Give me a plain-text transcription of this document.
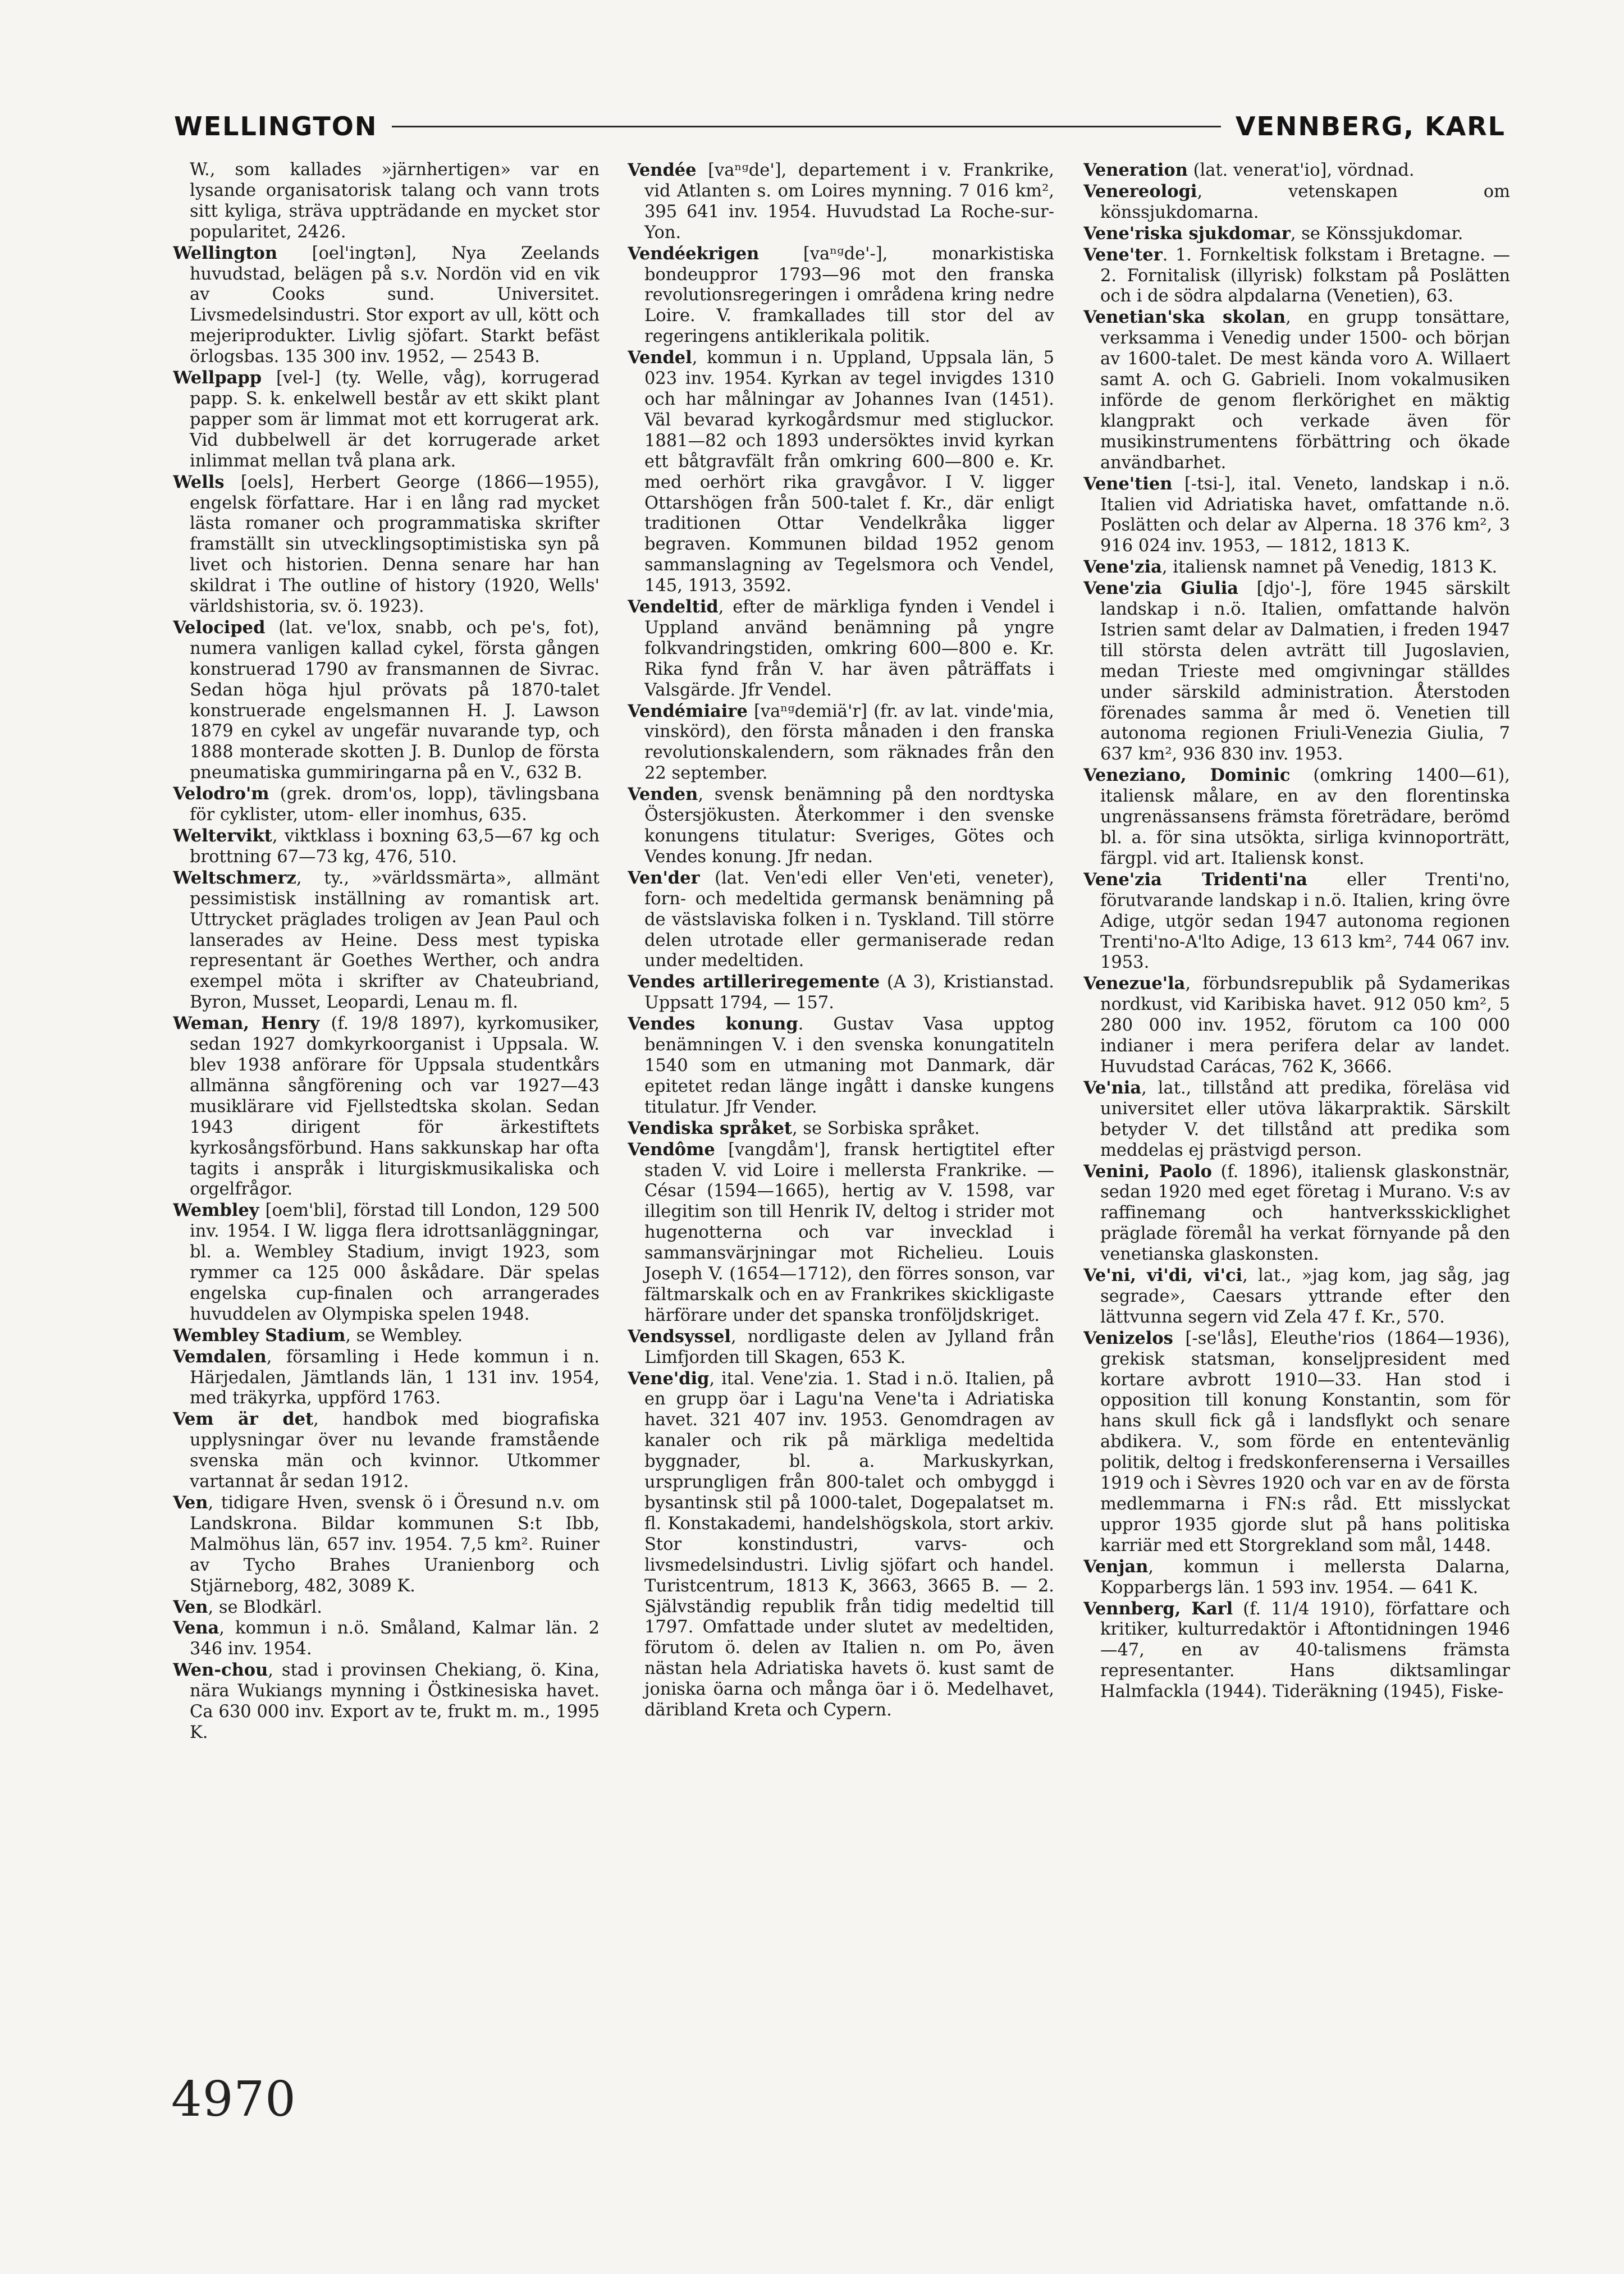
WELLINGTON	VENNBERG, KARL

W., som kallades »järnhertigen» var en lysande organisatorisk talang och vann trots sitt kyliga, sträva uppträdande en mycket stor popularitet, 2426.

Wellington [oel'ingtən], Nya Zeelands huvudstad, belägen på s.v. Nordön vid en vik av Cooks sund. Universitet. Livsmedelsindustri. Stor export av ull, kött och mejeriprodukter. Livlig sjöfart. Starkt befäst örlogsbas. 135 300 inv. 1952, — 2543 B.

Wellpapp [vel-] (ty. Welle, våg), korrugerad papp. S. k. enkelwell består av ett skikt plant papper som är limmat mot ett korrugerat ark. Vid dubbelwell är det korrugerade arket inlimmat mellan två plana ark.

Wells [oels], Herbert George (1866—1955), engelsk författare. Har i en lång rad mycket lästa romaner och programmatiska skrifter framställt sin utvecklingsoptimistiska syn på livet och historien. Denna senare har han skildrat i The outline of history (1920, Wells' världshistoria, sv. ö. 1923).

Velociped (lat. ve'lox, snabb, och pe's, fot), numera vanligen kallad cykel, första gången konstruerad 1790 av fransmannen de Sivrac. Sedan höga hjul prövats på 1870-talet konstruerade engelsmannen H. J. Lawson 1879 en cykel av ungefär nuvarande typ, och 1888 monterade skotten J. B. Dunlop de första pneumatiska gummiringarna på en V., 632 B.

Velodro'm (grek. drom'os, lopp), tävlingsbana för cyklister, utom- eller inomhus, 635.

Weltervikt, viktklass i boxning 63,5—67 kg och brottning 67—73 kg, 476, 510.

Weltschmerz, ty., »världssmärta», allmänt pessimistisk inställning av romantisk art. Uttrycket präglades troligen av Jean Paul och lanserades av Heine. Dess mest typiska representant är Goethes Werther, och andra exempel möta i skrifter av Chateubriand, Byron, Musset, Leopardi, Lenau m. fl.

Weman, Henry (f. 19/8 1897), kyrkomusiker, sedan 1927 domkyrkoorganist i Uppsala. W. blev 1938 anförare för Uppsala studentkårs allmänna sångförening och var 1927—43 musiklärare vid Fjellstedtska skolan. Sedan 1943 dirigent för ärkestiftets kyrkosångsförbund. Hans sakkunskap har ofta tagits i anspråk i liturgiskmusikaliska och orgelfrågor.

Wembley [oem'bli], förstad till London, 129 500 inv. 1954. I W. ligga flera idrottsanläggningar, bl. a. Wembley Stadium, invigt 1923, som rymmer ca 125 000 åskådare. Där spelas engelska cup-finalen och arrangerades huvuddelen av Olympiska spelen 1948.

Wembley Stadium, se Wembley.

Vemdalen, församling i Hede kommun i n. Härjedalen, Jämtlands län, 1 131 inv. 1954, med träkyrka, uppförd 1763.

Vem är det, handbok med biografiska upplysningar över nu levande framstående svenska män och kvinnor. Utkommer vartannat år sedan 1912.

Ven, tidigare Hven, svensk ö i Öresund n.v. om Landskrona. Bildar kommunen S:t Ibb, Malmöhus län, 657 inv. 1954. 7,5 km². Ruiner av Tycho Brahes Uranienborg och Stjärneborg, 482, 3089 K.

Ven, se Blodkärl.

Vena, kommun i n.ö. Småland, Kalmar län. 2 346 inv. 1954.

Wen-chou, stad i provinsen Chekiang, ö. Kina, nära Wukiangs mynning i Östkinesiska havet. Ca 630 000 inv. Export av te, frukt m. m., 1995 K.

Vendée [vaⁿᵍde'], departement i v. Frankrike, vid Atlanten s. om Loires mynning. 7 016 km², 395 641 inv. 1954. Huvudstad La Roche-sur-Yon.

Vendéekrigen [vaⁿᵍde'-], monarkistiska bondeuppror 1793—96 mot den franska revolutionsregeringen i områdena kring nedre Loire. V. framkallades till stor del av regeringens antiklerikala politik.

Vendel, kommun i n. Uppland, Uppsala län, 5 023 inv. 1954. Kyrkan av tegel invigdes 1310 och har målningar av Johannes Ivan (1451). Väl bevarad kyrkogårdsmur med stigluckor. 1881—82 och 1893 undersöktes invid kyrkan ett båtgravfält från omkring 600—800 e. Kr. med oerhört rika gravgåvor. I V. ligger Ottarshögen från 500-talet f. Kr., där enligt traditionen Ottar Vendelkråka ligger begraven. Kommunen bildad 1952 genom sammanslagning av Tegelsmora och Vendel, 145, 1913, 3592.

Vendeltid, efter de märkliga fynden i Vendel i Uppland använd benämning på yngre folkvandringstiden, omkring 600—800 e. Kr. Rika fynd från V. har även påträffats i Valsgärde. Jfr Vendel.

Vendémiaire [vaⁿᵍdemiä'r] (fr. av lat. vinde'mia, vinskörd), den första månaden i den franska revolutionskalendern, som räknades från den 22 september.

Venden, svensk benämning på den nordtyska Östersjökusten. Återkommer i den svenske konungens titulatur: Sveriges, Götes och Vendes konung. Jfr nedan.

Ven'der (lat. Ven'edi eller Ven'eti, veneter), forn- och medeltida germansk benämning på de västslaviska folken i n. Tyskland. Till större delen utrotade eller germaniserade redan under medeltiden.

Vendes artilleriregemente (A 3), Kristianstad. Uppsatt 1794, — 157.

Vendes konung. Gustav Vasa upptog benämningen V. i den svenska konungatiteln 1540 som en utmaning mot Danmark, där epitetet redan länge ingått i danske kungens titulatur. Jfr Vender.

Vendiska språket, se Sorbiska språket.

Vendôme [vangdåm'], fransk hertigtitel efter staden V. vid Loire i mellersta Frankrike. — César (1594—1665), hertig av V. 1598, var illegitim son till Henrik IV, deltog i strider mot hugenotterna och var invecklad i sammansvärjningar mot Richelieu. Louis Joseph V. (1654—1712), den förres sonson, var fältmarskalk och en av Frankrikes skickligaste härförare under det spanska tronföljdskriget.

Vendsyssel, nordligaste delen av Jylland från Limfjorden till Skagen, 653 K.

Vene'dig, ital. Vene'zia. 1. Stad i n.ö. Italien, på en grupp öar i Lagu'na Vene'ta i Adriatiska havet. 321 407 inv. 1953. Genomdragen av kanaler och rik på märkliga medeltida byggnader, bl. a. Markuskyrkan, ursprungligen från 800-talet och ombyggd i bysantinsk stil på 1000-talet, Dogepalatset m. fl. Konstakademi, handelshögskola, stort arkiv. Stor konstindustri, varvs- och livsmedelsindustri. Livlig sjöfart och handel. Turistcentrum, 1813 K, 3663, 3665 B. — 2. Självständig republik från tidig medeltid till 1797. Omfattade under slutet av medeltiden, förutom ö. delen av Italien n. om Po, även nästan hela Adriatiska havets ö. kust samt de joniska öarna och många öar i ö. Medelhavet, däribland Kreta och Cypern.

Veneration (lat. venerat'io], vördnad.

Venereologi, vetenskapen om könssjukdomarna.

Vene'riska sjukdomar, se Könssjukdomar.

Vene'ter. 1. Fornkeltisk folkstam i Bretagne. — 2. Fornitalisk (illyrisk) folkstam på Poslätten och i de södra alpdalarna (Venetien), 63.

Venetian'ska skolan, en grupp tonsättare, verksamma i Venedig under 1500- och början av 1600-talet. De mest kända voro A. Willaert samt A. och G. Gabrieli. Inom vokalmusiken införde de genom flerkörighet en mäktig klangprakt och verkade även för musikinstrumentens förbättring och ökade användbarhet.

Vene'tien [-tsi-], ital. Veneto, landskap i n.ö. Italien vid Adriatiska havet, omfattande n.ö. Poslätten och delar av Alperna. 18 376 km², 3 916 024 inv. 1953, — 1812, 1813 K.

Vene'zia, italiensk namnet på Venedig, 1813 K.

Vene'zia Giulia [djo'-], före 1945 särskilt landskap i n.ö. Italien, omfattande halvön Istrien samt delar av Dalmatien, i freden 1947 till största delen avträtt till Jugoslavien, medan Trieste med omgivningar ställdes under särskild administration. Återstoden förenades samma år med ö. Venetien till autonoma regionen Friuli-Venezia Giulia, 7 637 km², 936 830 inv. 1953.

Veneziano, Dominic (omkring 1400—61), italiensk målare, en av den florentinska ungrenässansens främsta företrädare, berömd bl. a. för sina utsökta, sirliga kvinnoporträtt, färgpl. vid art. Italiensk konst.

Vene'zia Tridenti'na eller Trenti'no, förutvarande landskap i n.ö. Italien, kring övre Adige, utgör sedan 1947 autonoma regionen Trenti'no-A'lto Adige, 13 613 km², 744 067 inv. 1953.

Venezue'la, förbundsrepublik på Sydamerikas nordkust, vid Karibiska havet. 912 050 km², 5 280 000 inv. 1952, förutom ca 100 000 indianer i mera perifera delar av landet. Huvudstad Carácas, 762 K, 3666.

Ve'nia, lat., tillstånd att predika, föreläsa vid universitet eller utöva läkarpraktik. Särskilt betyder V. det tillstånd att predika som meddelas ej prästvigd person.

Venini, Paolo (f. 1896), italiensk glaskonstnär, sedan 1920 med eget företag i Murano. V:s av raffinemang och hantverksskicklighet präglade föremål ha verkat förnyande på den venetianska glaskonsten.

Ve'ni, vi'di, vi'ci, lat., »jag kom, jag såg, jag segrade», Caesars yttrande efter den lättvunna segern vid Zela 47 f. Kr., 570.

Venizelos [-se'lås], Eleuthe'rios (1864—1936), grekisk statsman, konseljpresident med kortare avbrott 1910—33. Han stod i opposition till konung Konstantin, som för hans skull fick gå i landsflykt och senare abdikera. V., som förde en ententevänlig politik, deltog i fredskonferenserna i Versailles 1919 och i Sèvres 1920 och var en av de första medlemmarna i FN:s råd. Ett misslyckat uppror 1935 gjorde slut på hans politiska karriär med ett Storgrekland som mål, 1448.

Venjan, kommun i mellersta Dalarna, Kopparbergs län. 1 593 inv. 1954. — 641 K.

Vennberg, Karl (f. 11/4 1910), författare och kritiker, kulturredaktör i Aftontidningen 1946—47, en av 40-talismens främsta representanter. Hans diktsamlingar Halmfackla (1944). Tideräkning (1945), Fiske-

4970
